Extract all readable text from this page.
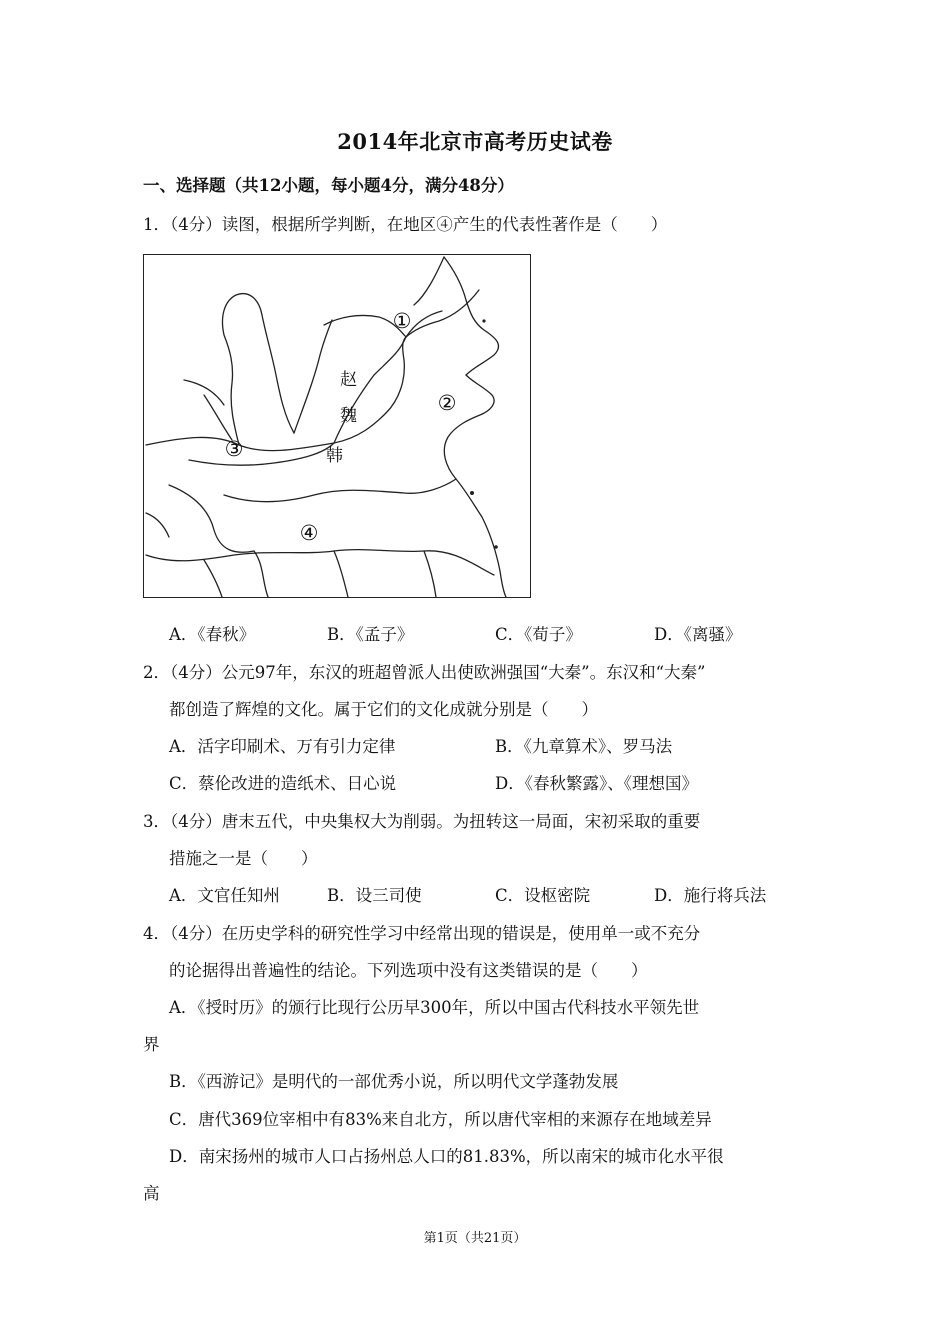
2014年北京市高考历史试卷
一、选择题（共12小题，每小题4分，满分48分）
1．（4分）读图，根据所学判断，在地区④产生的代表性著作是（　　）
赵
魏
韩
①
②
③
④
A．《春秋》	B．《孟子》	C．《荀子》	D．《离骚》
2．（4分）公元97年，东汉的班超曾派人出使欧洲强国“大秦”。东汉和“大秦”
都创造了辉煌的文化。属于它们的文化成就分别是（　　）
A．活字印刷术、万有引力定律	B．《九章算术》、罗马法
C．蔡伦改进的造纸术、日心说	D．《春秋繁露》、《理想国》
3．（4分）唐末五代，中央集权大为削弱。为扭转这一局面，宋初采取的重要
措施之一是（　　）
A．文官任知州	B．设三司使	C．设枢密院	D．施行将兵法
4．（4分）在历史学科的研究性学习中经常出现的错误是，使用单一或不充分
的论据得出普遍性的结论。下列选项中没有这类错误的是（　　）
A．《授时历》的颁行比现行公历早300年，所以中国古代科技水平领先世
界
B．《西游记》是明代的一部优秀小说，所以明代文学蓬勃发展
C．唐代369位宰相中有83%来自北方，所以唐代宰相的来源存在地域差异
D．南宋扬州的城市人口占扬州总人口的81.83%，所以南宋的城市化水平很
高
第1页（共21页）
